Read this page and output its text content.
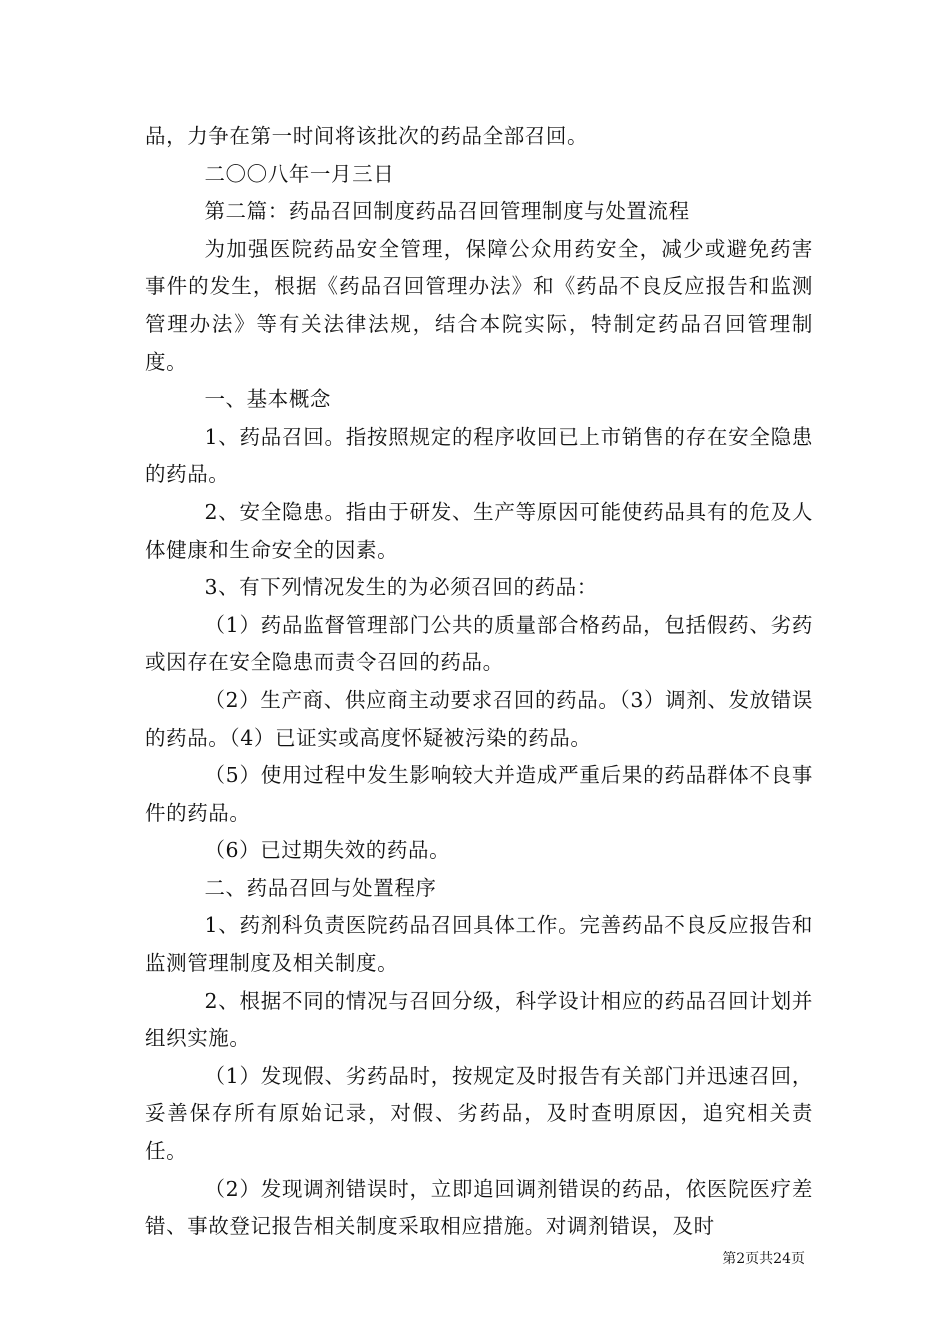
品，力争在第一时间将该批次的药品全部召回。

二〇〇八年一月三日

第二篇：药品召回制度药品召回管理制度与处置流程

为加强医院药品安全管理，保障公众用药安全，减少或避免药害事件的发生，根据《药品召回管理办法》和《药品不良反应报告和监测管理办法》等有关法律法规，结合本院实际，特制定药品召回管理制度。

一、基本概念

1、药品召回。指按照规定的程序收回已上市销售的存在安全隐患的药品。

2、安全隐患。指由于研发、生产等原因可能使药品具有的危及人体健康和生命安全的因素。

3、有下列情况发生的为必须召回的药品：

（1）药品监督管理部门公共的质量部合格药品，包括假药、劣药或因存在安全隐患而责令召回的药品。

（2）生产商、供应商主动要求召回的药品。（3）调剂、发放错误的药品。（4）已证实或高度怀疑被污染的药品。

（5）使用过程中发生影响较大并造成严重后果的药品群体不良事件的药品。

（6）已过期失效的药品。

二、药品召回与处置程序

1、药剂科负责医院药品召回具体工作。完善药品不良反应报告和监测管理制度及相关制度。

2、根据不同的情况与召回分级，科学设计相应的药品召回计划并组织实施。

（1）发现假、劣药品时，按规定及时报告有关部门并迅速召回，妥善保存所有原始记录，对假、劣药品，及时查明原因，追究相关责任。

（2）发现调剂错误时，立即追回调剂错误的药品，依医院医疗差错、事故登记报告相关制度采取相应措施。对调剂错误，及时

第2页共24页
